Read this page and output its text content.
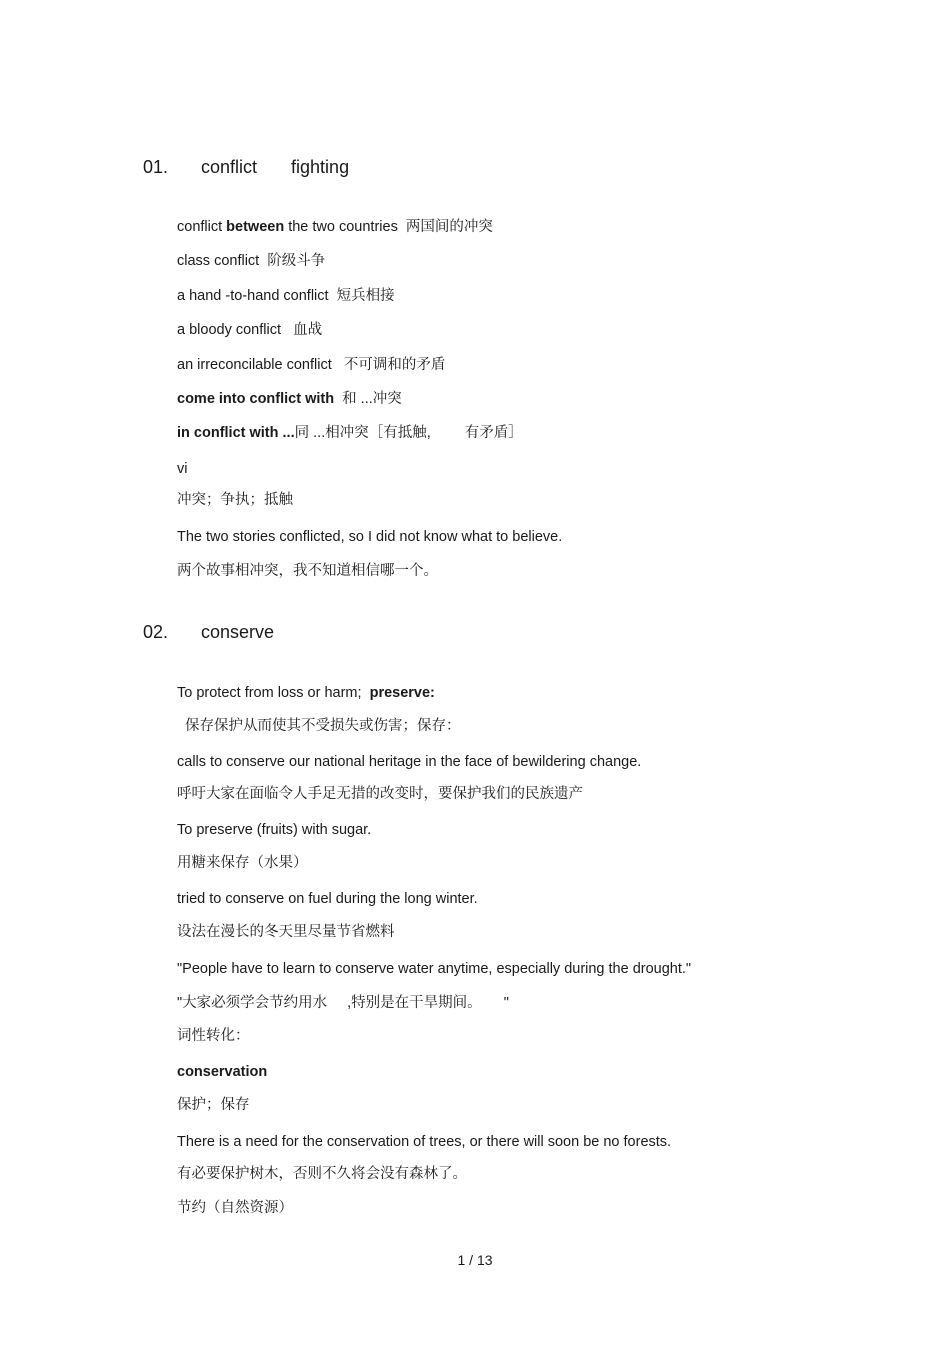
01. conflict fighting
conflict between the two countries 两国间的冲突
class conflict 阶级斗争
a hand -to-hand conflict 短兵相接
a bloody conflict 血战
an irreconcilable conflict 不可调和的矛盾
come into conflict with 和 ...冲突
in conflict with ...同 ...相冲突［有抵触, 有矛盾］
vi
冲突；争执；抵触
The two stories conflicted, so I did not know what to believe.
两个故事相冲突，我不知道相信哪一个。
02. conserve
To protect from loss or harm;  preserve:
保存保护从而使其不受损失或伤害；保存：
calls to conserve our national heritage in the face of bewildering change.
呼吁大家在面临令人手足无措的改变时，要保护我们的民族遗产
To preserve (fruits) with sugar.
用糖来保存（水果）
tried to conserve on fuel during the long winter.
设法在漫长的冬天里尽量节省燃料
"People have to learn to conserve water anytime, especially during the drought."
"大家必须学会节约用水 ,特别是在干旱期间。 "
词性转化：
conservation
保护；保存
There is a need for the conservation of trees, or there will soon be no forests.
有必要保护树木，否则不久将会没有森林了。
节约（自然资源）
1 / 13
